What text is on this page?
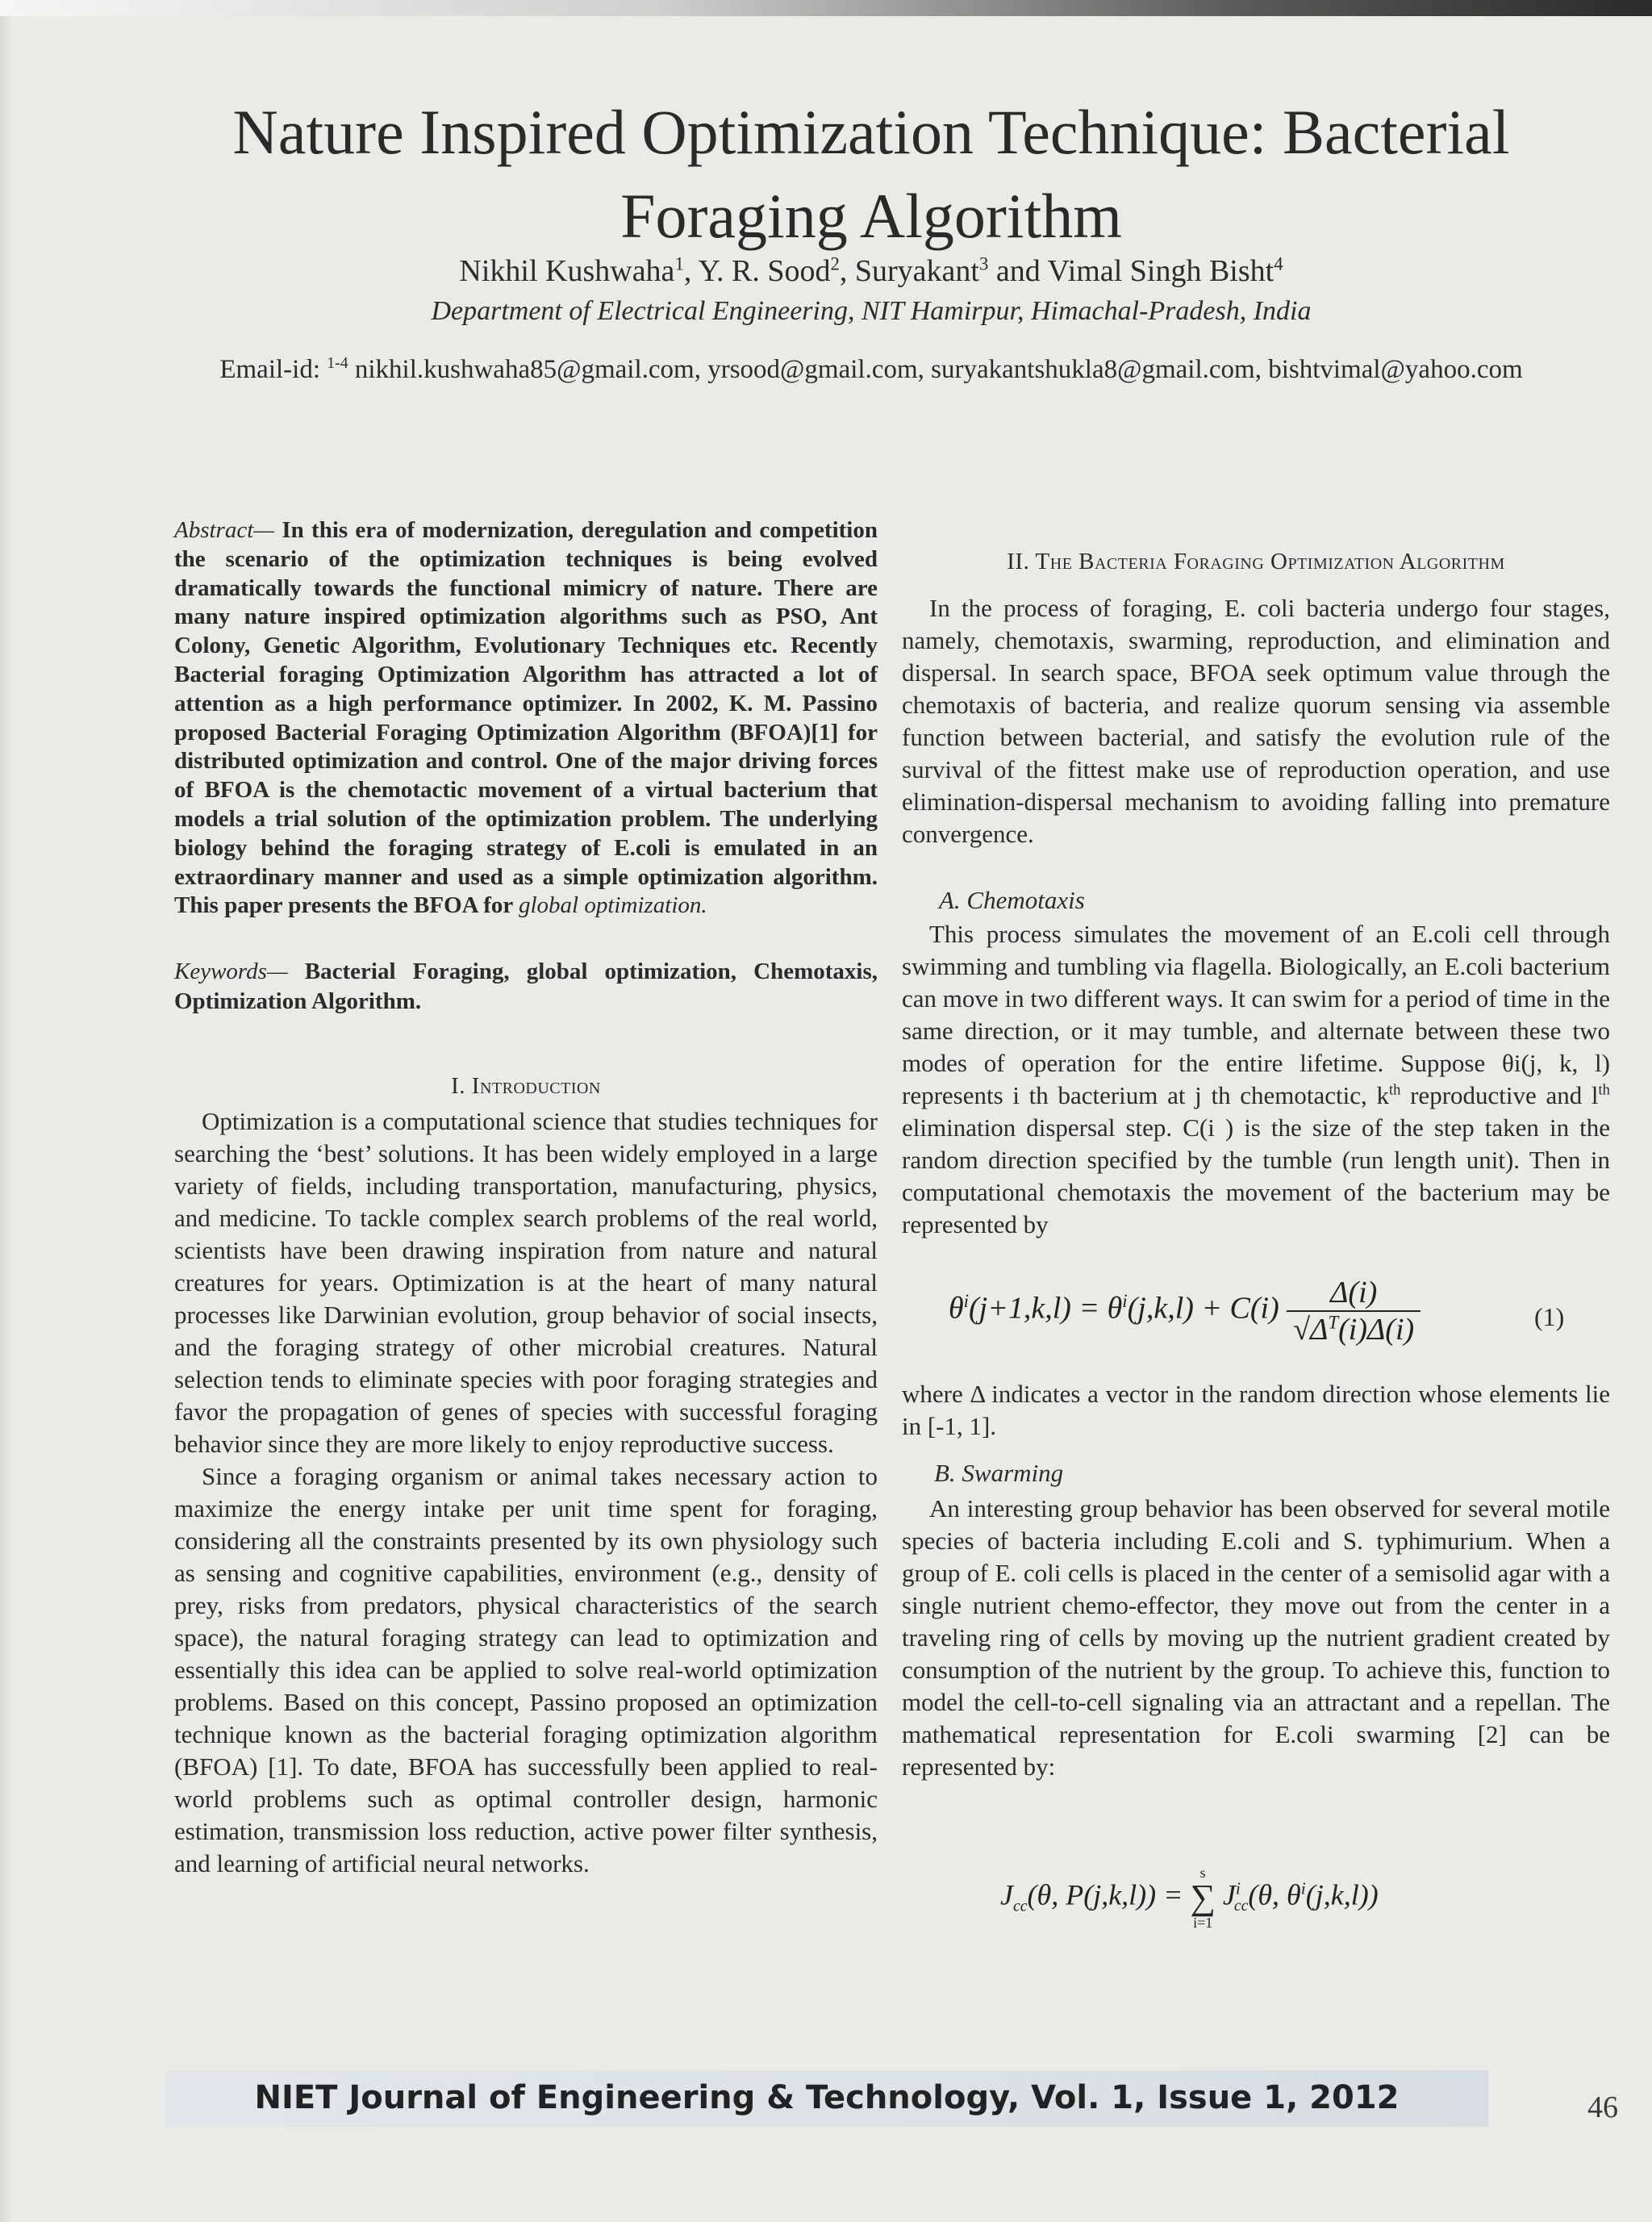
Nature Inspired Optimization Technique: Bacterial
Foraging Algorithm
Nikhil Kushwaha$^1$, Y. R. Sood$^2$, Suryakant$^3$ and Vimal Singh Bisht$^4$
Department of Electrical Engineering, NIT Hamirpur, Himachal-Pradesh, India
Email-id: $^{1-4}$ nikhil.kushwaha85@gmail.com, yrsood@gmail.com, suryakantshukla8@gmail.com, bishtvimal@yahoo.com

Abstract— In this era of modernization, deregulation and competition the scenario of the optimization techniques is being evolved dramatically towards the functional mimicry of nature. There are many nature inspired optimization algorithms such as PSO, Ant Colony, Genetic Algorithm, Evolutionary Techniques etc. Recently Bacterial foraging Optimization Algorithm has attracted a lot of attention as a high performance optimizer. In 2002, K. M. Passino proposed Bacterial Foraging Optimization Algorithm (BFOA)[1] for distributed optimization and control. One of the major driving forces of BFOA is the chemotactic movement of a virtual bacterium that models a trial solution of the optimization problem. The underlying biology behind the foraging strategy of E.coli is emulated in an extraordinary manner and used as a simple optimization algorithm. This paper presents the BFOA for global optimization.

Keywords— Bacterial Foraging, global optimization, Chemotaxis, Optimization Algorithm.

I. Introduction

Optimization is a computational science that studies techniques for searching the ‘best’ solutions. It has been widely employed in a large variety of fields, including transportation, manufacturing, physics, and medicine. To tackle complex search problems of the real world, scientists have been drawing inspiration from nature and natural creatures for years. Optimization is at the heart of many natural processes like Darwinian evolution, group behavior of social insects, and the foraging strategy of other microbial creatures. Natural selection tends to eliminate species with poor foraging strategies and favor the propagation of genes of species with successful foraging behavior since they are more likely to enjoy reproductive success.

Since a foraging organism or animal takes necessary action to maximize the energy intake per unit time spent for foraging, considering all the constraints presented by its own physiology such as sensing and cognitive capabilities, environment (e.g., density of prey, risks from predators, physical characteristics of the search space), the natural foraging strategy can lead to optimization and essentially this idea can be applied to solve real-world optimization problems. Based on this concept, Passino proposed an optimization technique known as the bacterial foraging optimization algorithm (BFOA) [1]. To date, BFOA has successfully been applied to real-world problems such as optimal controller design, harmonic estimation, transmission loss reduction, active power filter synthesis, and learning of artificial neural networks.

II. The Bacteria Foraging Optimization Algorithm

In the process of foraging, E. coli bacteria undergo four stages, namely, chemotaxis, swarming, reproduction, and elimination and dispersal. In search space, BFOA seek optimum value through the chemotaxis of bacteria, and realize quorum sensing via assemble function between bacterial, and satisfy the evolution rule of the survival of the fittest make use of reproduction operation, and use elimination-dispersal mechanism to avoiding falling into premature convergence.

A. Chemotaxis

This process simulates the movement of an E.coli cell through swimming and tumbling via flagella. Biologically, an E.coli bacterium can move in two different ways. It can swim for a period of time in the same direction, or it may tumble, and alternate between these two modes of operation for the entire lifetime. Suppose θi(j, k, l) represents i th bacterium at j th chemotactic, $k^{th}$ reproductive and $l^{th}$ elimination dispersal step. C(i ) is the size of the step taken in the random direction specified by the tumble (run length unit). Then in computational chemotaxis the movement of the bacterium may be represented by

$\theta^i(j+1,k,l) = \theta^i(j,k,l) + C(i) \frac{\Delta(i)}{√\Delta^T(i)\Delta(i)}$	(1)

where Δ indicates a vector in the random direction whose elements lie in [-1, 1].

B. Swarming

An interesting group behavior has been observed for several motile species of bacteria including E.coli and S. typhimurium. When a group of E. coli cells is placed in the center of a semisolid agar with a single nutrient chemo-effector, they move out from the center in a traveling ring of cells by moving up the nutrient gradient created by consumption of the nutrient by the group. To achieve this, function to model the cell-to-cell signaling via an attractant and a repellan. The mathematical representation for E.coli swarming [2] can be represented by:

$J_{cc}(\theta$, P(j,k,l)) =
s
∑
i=1
$J^i_{cc}(\theta$, $\theta^i(j,k,l)$)
NIET Journal of Engineering & Technology, Vol. 1, Issue 1, 2012	46
